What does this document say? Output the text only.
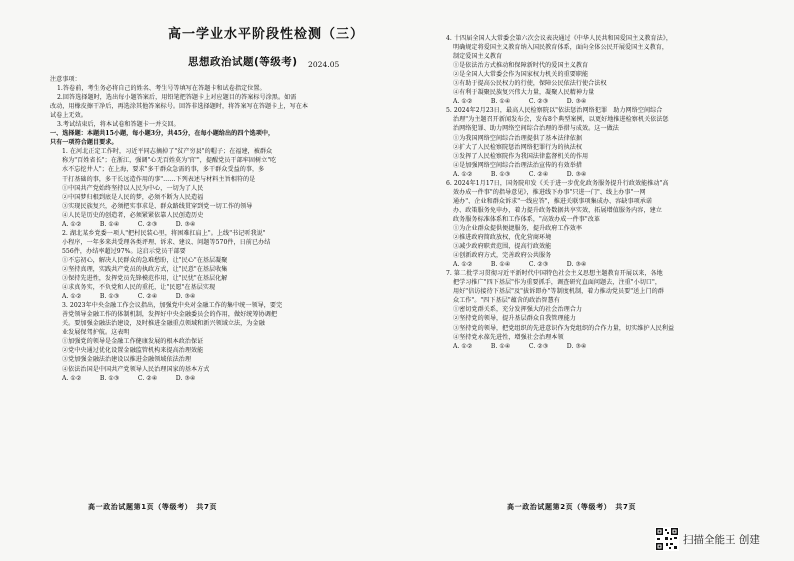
高一学业水平阶段性检测（三）
思想政治试题(等级考) 2024.05
注意事项：
1.答卷前，考生务必将自己的姓名、考生号等填写在答题卡和试卷指定位置。
2.回答选择题时，选出每小题答案后，用铅笔把答题卡上对应题目的答案标号涂黑。如需
改动，用橡皮擦干净后，再选涂其他答案标号。回答非选择题时，将答案写在答题卡上，写在本
试卷上无效。
3.考试结束后，将本试卷和答题卡一并交回。
一、选择题：本题共15小题，每小题3分，共45分，在每小题给出的四个选项中，
只有一项符合题目要求。
1. 在河北正定工作时，习近平同志摘掉了"贫产穷县"的帽子；在福建，被群众
称为"百姓省长"；在浙江，强调"心无百姓莫为'官'"，提醒党员干部牢固树立"吃
水不忘挖井人"；在上海，要求"多干群众急需的事，多干群众受益的事，多
干打基础的事，多干长远造作用的事"……下列表述与材料主旨相符的是
①中国共产党始终坚持以人民为中心，一切为了人民
②中国梦归根到底是人民的梦，必须不断为人民造福
③实现民族复兴，必须把实事求是、群众路线贯穿到党一切工作的领导
④人民是历史的创造者，必须紧紧依靠人民创造历史
A. ①②　　　B. ①④　　　C. ②③　　　D. ③④
2. 湖北某乡党委一项人"把村民装心里，将困难扛肩上"。上线"书记听我说"
小程序，一年多来共受理各类评理、诉求、建议、问题等570件，日前已办结
556件，办结率超过97%。这启示党员干部要
①不忘初心，解决人民群众的急难愁盼，让"民心"在基层凝聚
②坚持真理，实践共产党员的执政方式，让"民意"在基层收集
③保持先进性，发挥党员先锋模范作用，让"民忧"在基层化解
④求真务实，不负党和人民的重托，让"民愿"在基层实现
A. ①②　　　B. ①③　　　C. ②④　　　D. ③④
3. 2023年中央金融工作会议指出，加强党中央对金融工作的集中统一领导，要完
善党领导金融工作的体制机制，发挥好中央金融委员会的作用，做好统筹协调把
关。要加强金融法治建设，及时推进金融重点领域和新兴领域立法，为金融
业发展保驾护航。这表明
①加强党的领导是金融工作健康发展的根本政治保证
②党中央通过优化设置金融监管机构来提高治理效能
③党加强金融法治建设以推进金融领域依法治理
④依法治国是中国共产党领导人民治理国家的基本方式
A. ①②　　　B. ①③　　　C. ②④　　　D. ③④
高一政治试题第1页（等级考）　共7页
4. 十四届全国人大常委会第六次会议表决通过《中华人民共和国爱国主义教育法》，
明确规定将爱国主义教育纳入国民教育体系，面向全体公民开展爱国主义教育，
制定爱国主义教育
①是依法治方式推动和保障新时代的爱国主义教育
②是全国人大常委会作为国家权力机关的重要职能
③有助于提高公民权力的行使，保障公民依法行使合法权
④有利于凝聚民族复兴伟大力量，凝聚人民精神力量
A. ①②　　　B. ①④　　　C. ②③　　　D. ③④
5. 2024年2月23日，最高人民检察院以"依法惩治网络犯罪　助力网络空间综合
治理"为主题召开新闻发布会，发布8个典型案例，以更好地推进检察机关依法惩
治网络犯罪、助力网络空间综合治理的举措与成效。这一做法
①为我国网络空间综合治理提供了基本法律依据
②扩大了人民检察院惩治网络犯罪行为的执法权
③发挥了人民检察院作为我国法律监督机关的作用
④是加强网络空间综合治理法治宣传的有效举措
A. ①②　　　B. ①③　　　C. ②④　　　D. ③④
6. 2024年1月17日，国务院印发《关于进一步优化政务服务提升行政效能推动"高
效办成一件事"的指导意见》，推进线下办事"只进一门"、线上办事"一网
通办"、企业和群众诉求"一线应答"，推进关联事项集成办、容缺事项承诺
办、政策服务免申办，着力提升政务数据共享实效，拓展增值服务内容，建立
政务服务标准体系和工作体系，"高效办成一件事"改革
①为企业群众提供便捷服务，提升政府工作效率
②推进政府简政放权，优化营商环境
③减少政府职责范围，提高行政效能
④创新政府方式，完善政府公共服务
A. ①②　　　B. ①④　　　C. ②③　　　D. ③④
7. 第二批学习贯彻习近平新时代中国特色社会主义思想主题教育开展以来，各地
把学习推广"四下基层"作为重要抓手，调查研究直面问题去，注重"小切口"，
用好"信访接待下基层"及"拔诉即办"等制度机制，着力推动党员要"送上门的群
众工作"。"四下基层"蕴含的政治智慧有
①密切党群关系，充分发挥强大的社会治理合力
②坚持党的领导，提升基层群众自我管理能力
③坚持党的领导，把党组织的先进意识作为党组织的合作力量，切实维护人民利益
④坚持党永葆先进性，增强社会治理本领
A. ①②　　　B. ①④　　　C. ②③　　　D. ③④
高一政治试题第2页（等级考）　共7页
扫描全能王 创建
